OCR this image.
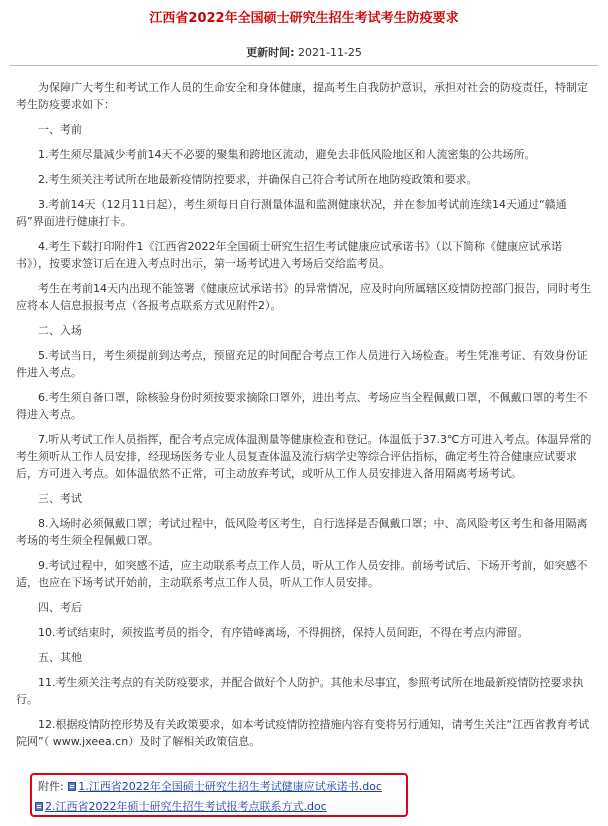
江西省2022年全国硕士研究生招生考试考生防疫要求
更新时间: 2021-11-25

为保障广大考生和考试工作人员的生命安全和身体健康，提高考生自我防护意识，承担对社会的防疫责任，特制定考生防疫要求如下：

一、考前

1.考生须尽量减少考前14天不必要的聚集和跨地区流动，避免去非低风险地区和人流密集的公共场所。

2.考生须关注考试所在地最新疫情防控要求，并确保自己符合考试所在地防疫政策和要求。

3.考前14天（12月11日起），考生须每日自行测量体温和监测健康状况，并在参加考试前连续14天通过“赣通码”界面进行健康打卡。

4.考生下载打印附件1《江西省2022年全国硕士研究生招生考试健康应试承诺书》（以下简称《健康应试承诺书》），按要求签订后在进入考点时出示，第一场考试进入考场后交给监考员。

考生在考前14天内出现不能签署《健康应试承诺书》的异常情况，应及时向所属辖区疫情防控部门报告，同时考生应将本人信息报报考点（各报考点联系方式见附件2）。

二、入场

5.考试当日，考生须提前到达考点，预留充足的时间配合考点工作人员进行入场检查。考生凭准考证、有效身份证件进入考点。

6.考生须自备口罩，除核验身份时须按要求摘除口罩外，进出考点、考场应当全程佩戴口罩，不佩戴口罩的考生不得进入考点。

7.听从考试工作人员指挥，配合考点完成体温测量等健康检查和登记。体温低于37.3℃方可进入考点。体温异常的考生须听从工作人员安排，经现场医务专业人员复查体温及流行病学史等综合评估指标，确定考生符合健康应试要求后，方可进入考点。如体温依然不正常，可主动放弃考试，或听从工作人员安排进入备用隔离考场考试。

三、考试

8.入场时必须佩戴口罩；考试过程中，低风险考区考生，自行选择是否佩戴口罩；中、高风险考区考生和备用隔离考场的考生须全程佩戴口罩。

9.考试过程中，如突感不适，应主动联系考点工作人员，听从工作人员安排。前场考试后、下场开考前，如突感不适，也应在下场考试开始前，主动联系考点工作人员，听从工作人员安排。

四、考后

10.考试结束时，须按监考员的指令，有序错峰离场，不得拥挤，保持人员间距，不得在考点内滞留。

五、其他

11.考生须关注考点的有关防疫要求，并配合做好个人防护。其他未尽事宜，参照考试所在地最新疫情防控要求执行。

12.根据疫情防控形势及有关政策要求，如本考试疫情防控措施内容有变将另行通知，请考生关注“江西省教育考试院网”（ www.jxeea.cn）及时了解相关政策信息。

附件: 1.江西省2022年全国硕士研究生招生考试健康应试承诺书.doc
2.江西省2022年硕士研究生招生考试报考点联系方式.doc
